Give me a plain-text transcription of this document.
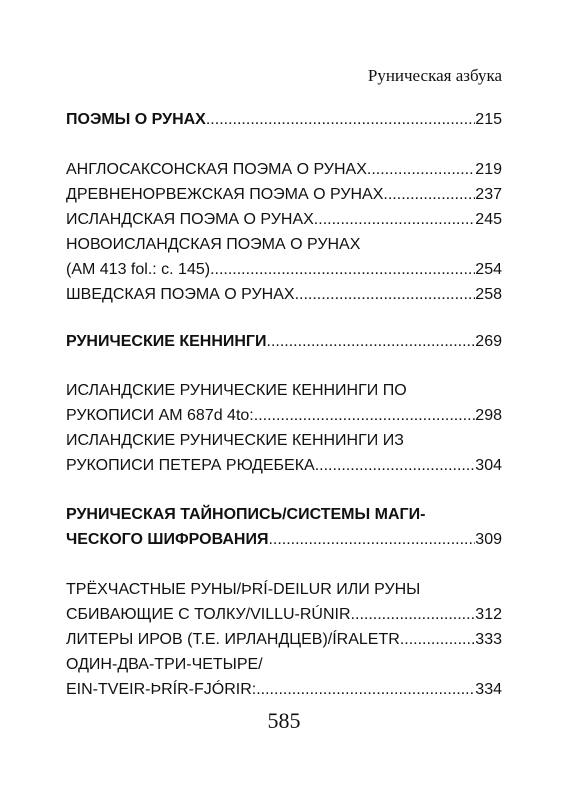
Руническая азбука
ПОЭМЫ О РУНАХ .....	215
АНГЛОСАКСОНСКАЯ ПОЭМА О РУНАХ .....	219
ДРЕВНЕНОРВЕЖСКАЯ ПОЭМА О РУНАХ .....	237
ИСЛАНДСКАЯ ПОЭМА О РУНАХ .....	245
НОВОИСЛАНДСКАЯ ПОЭМА О РУНАХ
(АМ 413 fol.: с. 145) .....	254
ШВЕДСКАЯ ПОЭМА О РУНАХ .....	258
РУНИЧЕСКИЕ КЕННИНГИ .....	269
ИСЛАНДСКИЕ РУНИЧЕСКИЕ КЕННИНГИ ПО
РУКОПИСИ АМ 687d 4to: .....	298
ИСЛАНДСКИЕ РУНИЧЕСКИЕ КЕННИНГИ ИЗ
РУКОПИСИ ПЕТЕРА РЮДЕБЕКА .....	304
РУНИЧЕСКАЯ ТАЙНОПИСЬ/СИСТЕМЫ МАГИ-
ЧЕСКОГО ШИФРОВАНИЯ .....	309
ТРЁХЧАСТНЫЕ РУНЫ/ÞRÍ-DEILUR ИЛИ РУНЫ
СБИВАЮЩИЕ С ТОЛКУ/VILLU-RÚNIR .....	312
ЛИТЕРЫ ИРОВ (Т.Е. ИРЛАНДЦЕВ)/ÍRALETR .....	333
ОДИН-ДВА-ТРИ-ЧЕТЫРЕ/
EIN-TVEIR-ÞRÍR-FJÓRIR: .....	334
585
